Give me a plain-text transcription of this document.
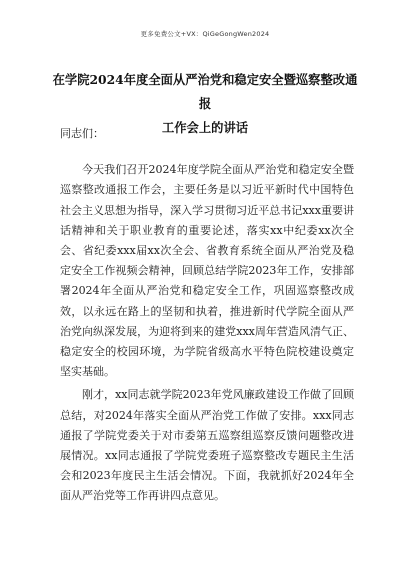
更多免费公文+VX：QiGeGongWen2024
在学院2024年度全面从严治党和稳定安全暨巡察整改通报
工作会上的讲话

同志们：

今天我们召开2024年度学院全面从严治党和稳定安全暨巡察整改通报工作会，主要任务是以习近平新时代中国特色社会主义思想为指导，深入学习贯彻习近平总书记xxx重要讲话精神和关于职业教育的重要论述，落实xx中纪委xx次全会、省纪委xxx届xx次全会、省教育系统全面从严治党及稳定安全工作视频会精神，回顾总结学院2023年工作，安排部署2024年全面从严治党和稳定安全工作，巩固巡察整改成效，以永远在路上的坚韧和执着，推进新时代学院全面从严治党向纵深发展，为迎将到来的建党xxx周年营造风清气正、稳定安全的校园环境，为学院省级高水平特色院校建设奠定坚实基础。

刚才，xx同志就学院2023年党风廉政建设工作做了回顾总结，对2024年落实全面从严治党工作做了安排。xxx同志通报了学院党委关于对市委第五巡察组巡察反馈问题整改进展情况。xx同志通报了学院党委班子巡察整改专题民主生活会和2023年度民主生活会情况。下面，我就抓好2024年全面从严治党等工作再讲四点意见。
